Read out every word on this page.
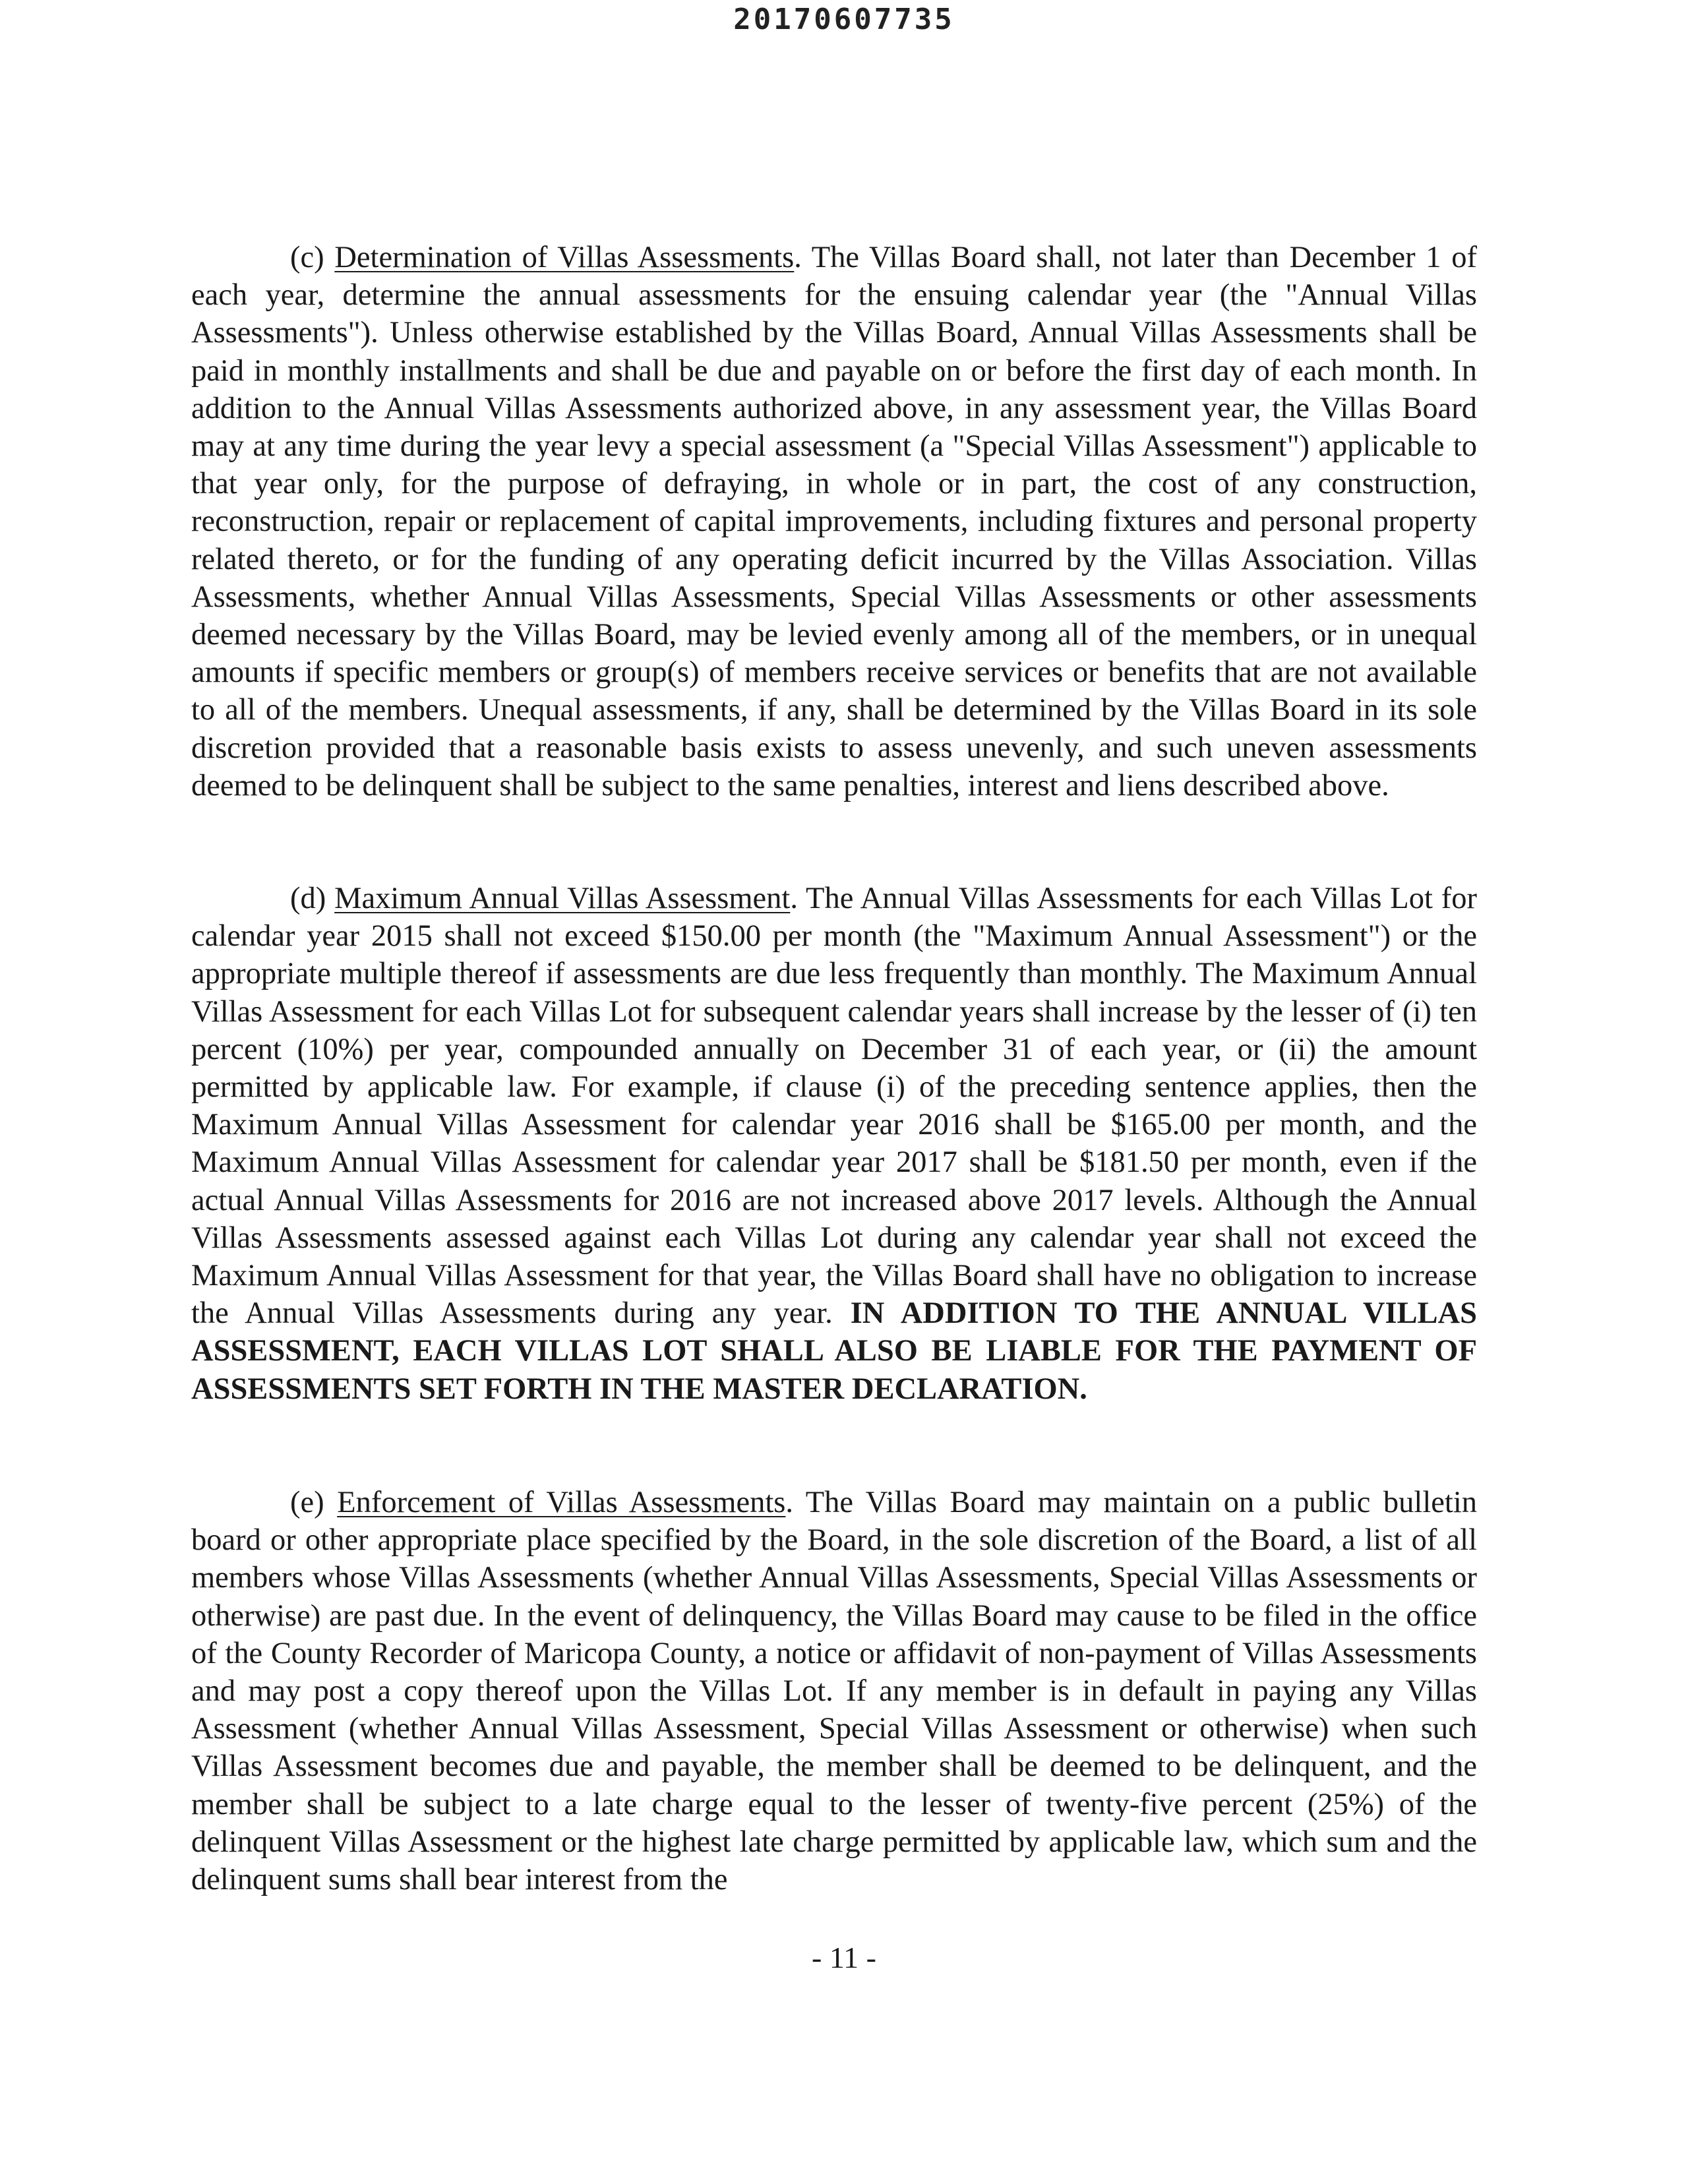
20170607735

(c) Determination of Villas Assessments. The Villas Board shall, not later than December 1 of each year, determine the annual assessments for the ensuing calendar year (the "Annual Villas Assessments"). Unless otherwise established by the Villas Board, Annual Villas Assessments shall be paid in monthly installments and shall be due and payable on or before the first day of each month. In addition to the Annual Villas Assessments authorized above, in any assessment year, the Villas Board may at any time during the year levy a special assessment (a "Special Villas Assessment") applicable to that year only, for the purpose of defraying, in whole or in part, the cost of any construction, reconstruction, repair or replacement of capital improvements, including fixtures and personal property related thereto, or for the funding of any operating deficit incurred by the Villas Association. Villas Assessments, whether Annual Villas Assessments, Special Villas Assessments or other assessments deemed necessary by the Villas Board, may be levied evenly among all of the members, or in unequal amounts if specific members or group(s) of members receive services or benefits that are not available to all of the members. Unequal assessments, if any, shall be determined by the Villas Board in its sole discretion provided that a reasonable basis exists to assess unevenly, and such uneven assessments deemed to be delinquent shall be subject to the same penalties, interest and liens described above.

(d) Maximum Annual Villas Assessment. The Annual Villas Assessments for each Villas Lot for calendar year 2015 shall not exceed $150.00 per month (the "Maximum Annual Assessment") or the appropriate multiple thereof if assessments are due less frequently than monthly. The Maximum Annual Villas Assessment for each Villas Lot for subsequent calendar years shall increase by the lesser of (i) ten percent (10%) per year, compounded annually on December 31 of each year, or (ii) the amount permitted by applicable law. For example, if clause (i) of the preceding sentence applies, then the Maximum Annual Villas Assessment for calendar year 2016 shall be $165.00 per month, and the Maximum Annual Villas Assessment for calendar year 2017 shall be $181.50 per month, even if the actual Annual Villas Assessments for 2016 are not increased above 2017 levels. Although the Annual Villas Assessments assessed against each Villas Lot during any calendar year shall not exceed the Maximum Annual Villas Assessment for that year, the Villas Board shall have no obligation to increase the Annual Villas Assessments during any year. IN ADDITION TO THE ANNUAL VILLAS ASSESSMENT, EACH VILLAS LOT SHALL ALSO BE LIABLE FOR THE PAYMENT OF ASSESSMENTS SET FORTH IN THE MASTER DECLARATION.

(e) Enforcement of Villas Assessments. The Villas Board may maintain on a public bulletin board or other appropriate place specified by the Board, in the sole discretion of the Board, a list of all members whose Villas Assessments (whether Annual Villas Assessments, Special Villas Assessments or otherwise) are past due. In the event of delinquency, the Villas Board may cause to be filed in the office of the County Recorder of Maricopa County, a notice or affidavit of non-payment of Villas Assessments and may post a copy thereof upon the Villas Lot. If any member is in default in paying any Villas Assessment (whether Annual Villas Assessment, Special Villas Assessment or otherwise) when such Villas Assessment becomes due and payable, the member shall be deemed to be delinquent, and the member shall be subject to a late charge equal to the lesser of twenty-five percent (25%) of the delinquent Villas Assessment or the highest late charge permitted by applicable law, which sum and the delinquent sums shall bear interest from the

- 11 -
